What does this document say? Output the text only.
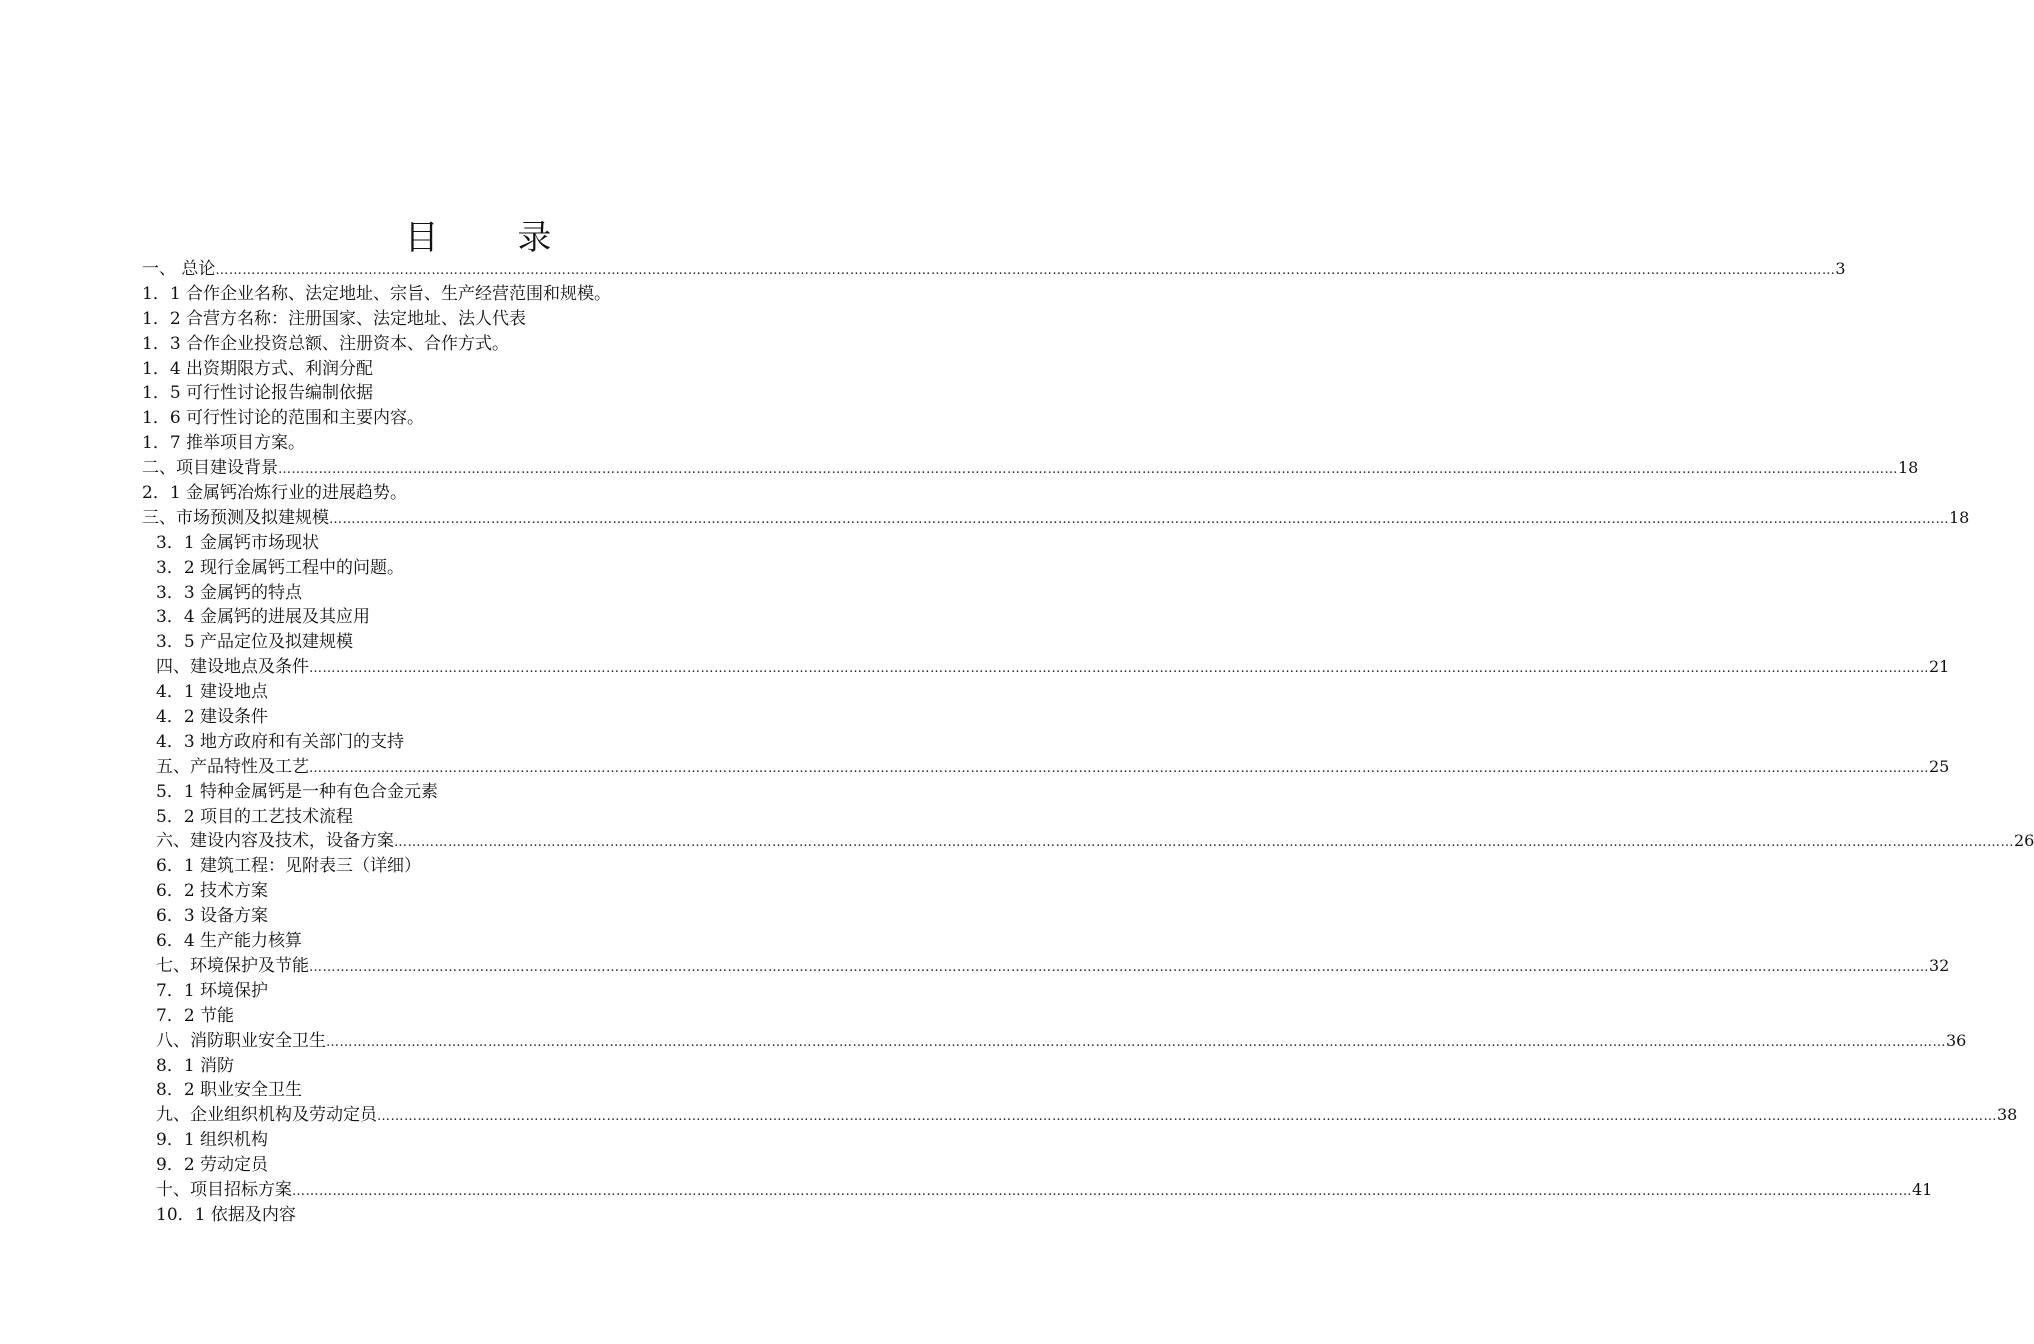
目 录
一、 总论 ……………………………………………………………………………………………………………………………………………………………………………………………………………………………………………………………………………………………………………………………… 3
1．1 合作企业名称、法定地址、宗旨、生产经营范围和规模。
1．2 合营方名称：注册国家、法定地址、法人代表
1．3 合作企业投资总额、注册资本、合作方式。
1．4 出资期限方式、利润分配
1．5 可行性讨论报告编制依据
1．6 可行性讨论的范围和主要内容。
1．7 推举项目方案。
二、项目建设背景 ……………………………………………………………………………………………………………………………………………………………………………………………………………………………………………………………………………………………………………………………… 18
2．1 金属钙冶炼行业的进展趋势。
三、市场预测及拟建规模 ……………………………………………………………………………………………………………………………………………………………………………………………………………………………………………………………………………………………………………………………… 18
3．1 金属钙市场现状
3．2 现行金属钙工程中的问题。
3．3 金属钙的特点
3．4 金属钙的进展及其应用
3．5 产品定位及拟建规模
四、建设地点及条件 ……………………………………………………………………………………………………………………………………………………………………………………………………………………………………………………………………………………………………………………………… 21
4．1 建设地点
4．2 建设条件
4．3 地方政府和有关部门的支持
五、产品特性及工艺 ……………………………………………………………………………………………………………………………………………………………………………………………………………………………………………………………………………………………………………………………… 25
5．1 特种金属钙是一种有色合金元素
5．2 项目的工艺技术流程
六、建设内容及技术，设备方案 ……………………………………………………………………………………………………………………………………………………………………………………………………………………………………………………………………………………………………………………………… 26
6．1 建筑工程：见附表三（详细）
6．2 技术方案
6．3 设备方案
6．4 生产能力核算
七、环境保护及节能 ……………………………………………………………………………………………………………………………………………………………………………………………………………………………………………………………………………………………………………………………… 32
7．1 环境保护
7．2 节能
八、消防职业安全卫生 ……………………………………………………………………………………………………………………………………………………………………………………………………………………………………………………………………………………………………………………………… 36
8．1 消防
8．2 职业安全卫生
九、企业组织机构及劳动定员 ……………………………………………………………………………………………………………………………………………………………………………………………………………………………………………………………………………………………………………………………… 38
9．1 组织机构
9．2 劳动定员
十、项目招标方案 ……………………………………………………………………………………………………………………………………………………………………………………………………………………………………………………………………………………………………………………………… 41
10．1 依据及内容
